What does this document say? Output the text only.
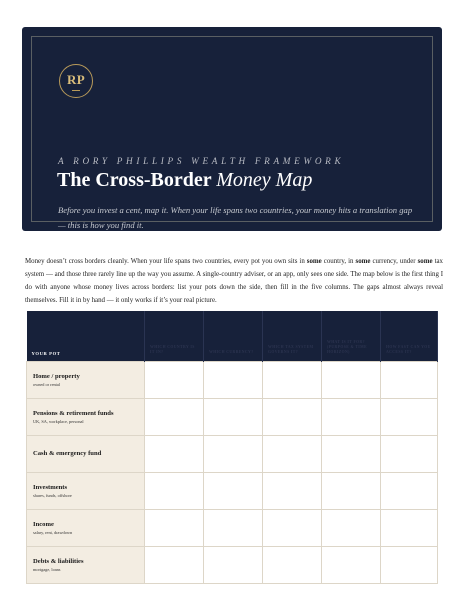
RP
A RORY PHILLIPS WEALTH FRAMEWORK
The Cross-Border Money Map
Before you invest a cent, map it. When your life spans two countries, your money hits a translation gap — this is how you find it.

Money doesn’t cross borders cleanly. When your life spans two countries, every pot you own sits in some country, in some currency, under some tax system — and those three rarely line up the way you assume. A single-country adviser, or an app, only sees one side. The map below is the first thing I do with anyone whose money lives across borders: list your pots down the side, then fill in the five columns. The gaps almost always reveal themselves. Fill it in by hand — it only works if it’s your real picture.

YOUR POT	WHICH COUNTRY IS IT IN?	WHICH CURRENCY?	WHICH TAX SYSTEM GOVERNS IT?	WHAT IS IT FOR? (PURPOSE & TIME HORIZON)	HOW FAST CAN YOU ACCESS IT?

Home / property
owned or rental					

Pensions & retirement funds
UK, SA, workplace, personal					

Cash & emergency fund					

Investments
shares, funds, offshore					

Income
salary, rent, drawdown					

Debts & liabilities
mortgage, loans					
